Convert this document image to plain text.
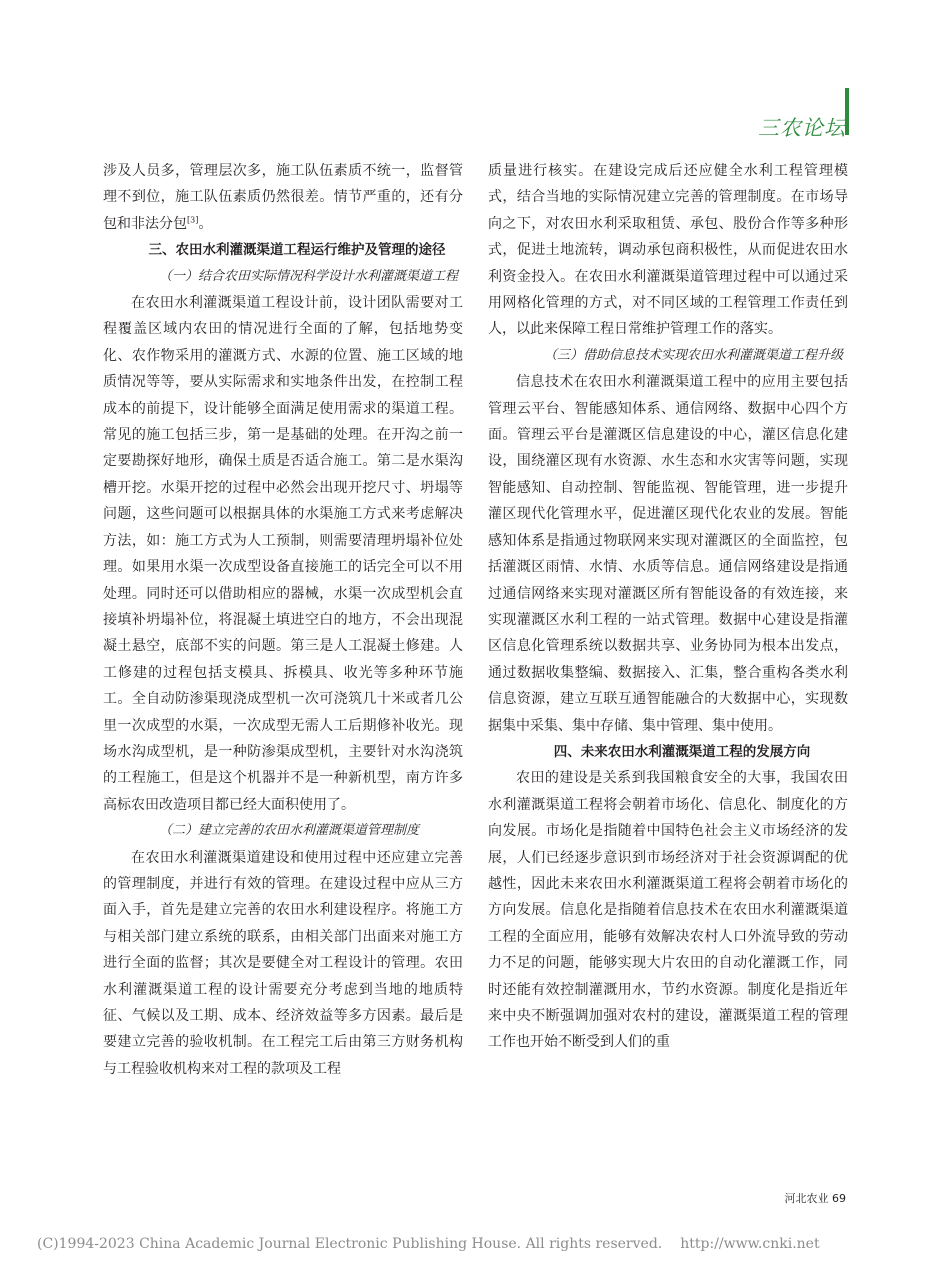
三农论坛

涉及人员多，管理层次多，施工队伍素质不统一，监督管理不到位，施工队伍素质仍然很差。情节严重的，还有分包和非法分包[3]。

三、农田水利灌溉渠道工程运行维护及管理的途径

（一）结合农田实际情况科学设计水利灌溉渠道工程

在农田水利灌溉渠道工程设计前，设计团队需要对工程覆盖区域内农田的情况进行全面的了解，包括地势变化、农作物采用的灌溉方式、水源的位置、施工区域的地质情况等等，要从实际需求和实地条件出发，在控制工程成本的前提下，设计能够全面满足使用需求的渠道工程。常见的施工包括三步，第一是基础的处理。在开沟之前一定要勘探好地形，确保土质是否适合施工。第二是水渠沟槽开挖。水渠开挖的过程中必然会出现开挖尺寸、坍塌等问题，这些问题可以根据具体的水渠施工方式来考虑解决方法，如：施工方式为人工预制，则需要清理坍塌补位处理。如果用水渠一次成型设备直接施工的话完全可以不用处理。同时还可以借助相应的器械，水渠一次成型机会直接填补坍塌补位，将混凝土填进空白的地方，不会出现混凝土悬空，底部不实的问题。第三是人工混凝土修建。人工修建的过程包括支模具、拆模具、收光等多种环节施工。全自动防渗渠现浇成型机一次可浇筑几十米或者几公里一次成型的水渠，一次成型无需人工后期修补收光。现场水沟成型机，是一种防渗渠成型机，主要针对水沟浇筑的工程施工，但是这个机器并不是一种新机型，南方许多高标农田改造项目都已经大面积使用了。

（二）建立完善的农田水利灌溉渠道管理制度

在农田水利灌溉渠道建设和使用过程中还应建立完善的管理制度，并进行有效的管理。在建设过程中应从三方面入手，首先是建立完善的农田水利建设程序。将施工方与相关部门建立系统的联系，由相关部门出面来对施工方进行全面的监督；其次是要健全对工程设计的管理。农田水利灌溉渠道工程的设计需要充分考虑到当地的地质特征、气候以及工期、成本、经济效益等多方因素。最后是要建立完善的验收机制。在工程完工后由第三方财务机构与工程验收机构来对工程的款项及工程

质量进行核实。在建设完成后还应健全水利工程管理模式，结合当地的实际情况建立完善的管理制度。在市场导向之下，对农田水利采取租赁、承包、股份合作等多种形式，促进土地流转，调动承包商积极性，从而促进农田水利资金投入。在农田水利灌溉渠道管理过程中可以通过采用网格化管理的方式，对不同区域的工程管理工作责任到人，以此来保障工程日常维护管理工作的落实。

（三）借助信息技术实现农田水利灌溉渠道工程升级

信息技术在农田水利灌溉渠道工程中的应用主要包括管理云平台、智能感知体系、通信网络、数据中心四个方面。管理云平台是灌溉区信息建设的中心，灌区信息化建设，围绕灌区现有水资源、水生态和水灾害等问题，实现智能感知、自动控制、智能监视、智能管理，进一步提升灌区现代化管理水平，促进灌区现代化农业的发展。智能感知体系是指通过物联网来实现对灌溉区的全面监控，包括灌溉区雨情、水情、水质等信息。通信网络建设是指通过通信网络来实现对灌溉区所有智能设备的有效连接，来实现灌溉区水利工程的一站式管理。数据中心建设是指灌区信息化管理系统以数据共享、业务协同为根本出发点，通过数据收集整编、数据接入、汇集，整合重构各类水利信息资源，建立互联互通智能融合的大数据中心，实现数据集中采集、集中存储、集中管理、集中使用。

四、未来农田水利灌溉渠道工程的发展方向

农田的建设是关系到我国粮食安全的大事，我国农田水利灌溉渠道工程将会朝着市场化、信息化、制度化的方向发展。市场化是指随着中国特色社会主义市场经济的发展，人们已经逐步意识到市场经济对于社会资源调配的优越性，因此未来农田水利灌溉渠道工程将会朝着市场化的方向发展。信息化是指随着信息技术在农田水利灌溉渠道工程的全面应用，能够有效解决农村人口外流导致的劳动力不足的问题，能够实现大片农田的自动化灌溉工作，同时还能有效控制灌溉用水，节约水资源。制度化是指近年来中央不断强调加强对农村的建设，灌溉渠道工程的管理工作也开始不断受到人们的重

河北农业 69
(C)1994-2023 China Academic Journal Electronic Publishing House. All rights reserved. http://www.cnki.net
